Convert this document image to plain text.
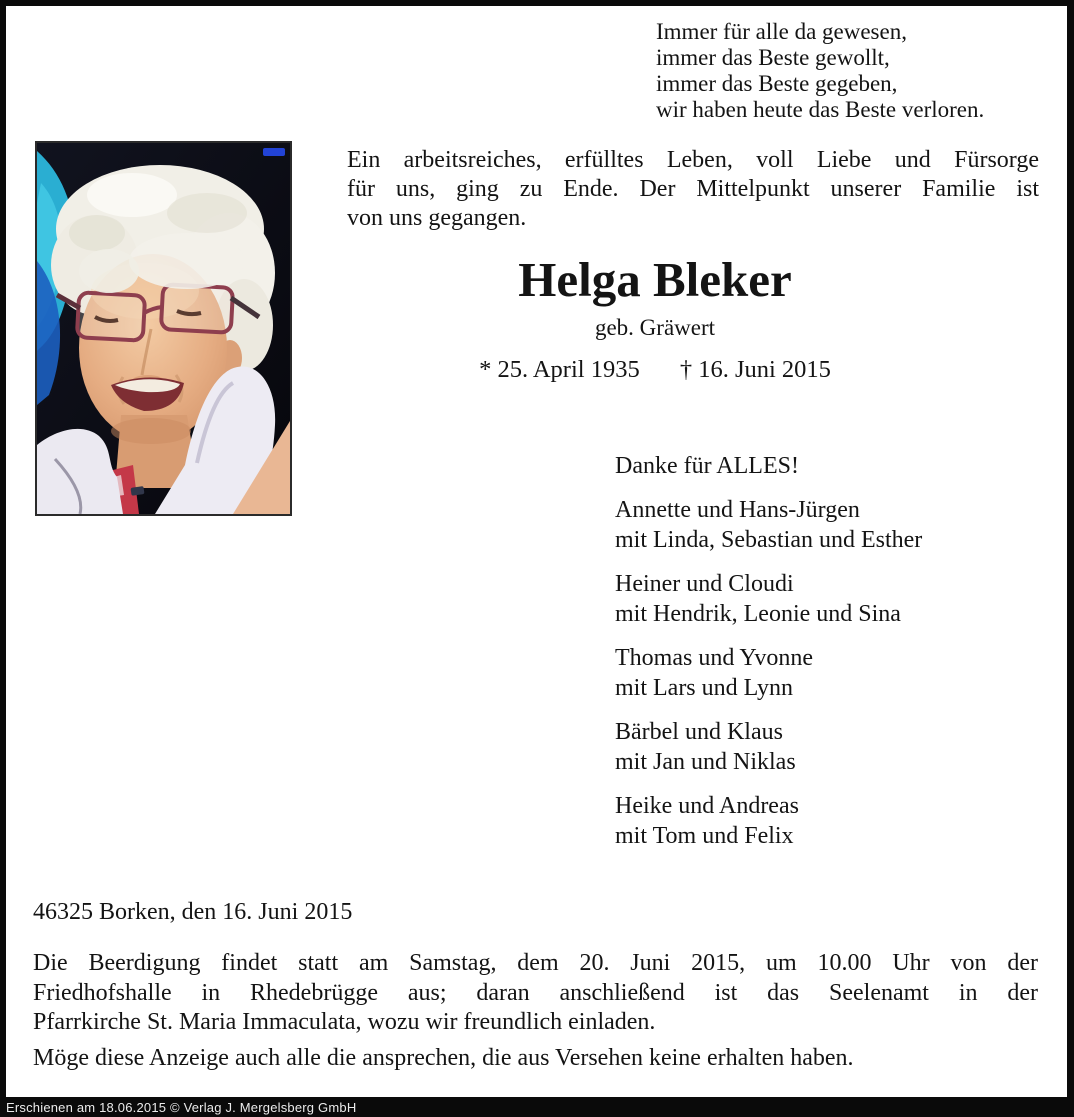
Immer für alle da gewesen,
immer das Beste gewollt,
immer das Beste gegeben,
wir haben heute das Beste verloren.
Ein arbeitsreiches, erfülltes Leben, voll Liebe und Fürsorge
für uns, ging zu Ende. Der Mittelpunkt unserer Familie ist
von uns gegangen.
Helga Bleker
geb. Gräwert
* 25. April 1935 † 16. Juni 2015
Danke für ALLES!
Annette und Hans-Jürgen
mit Linda, Sebastian und Esther
Heiner und Cloudi
mit Hendrik, Leonie und Sina
Thomas und Yvonne
mit Lars und Lynn
Bärbel und Klaus
mit Jan und Niklas
Heike und Andreas
mit Tom und Felix
46325 Borken, den 16. Juni 2015
Die Beerdigung findet statt am Samstag, dem 20. Juni 2015, um 10.00 Uhr von der
Friedhofshalle in Rhedebrügge aus; daran anschließend ist das Seelenamt in der
Pfarrkirche St. Maria Immaculata, wozu wir freundlich einladen.
Möge diese Anzeige auch alle die ansprechen, die aus Versehen keine erhalten haben.
Erschienen am 18.06.2015 © Verlag J. Mergelsberg GmbH
